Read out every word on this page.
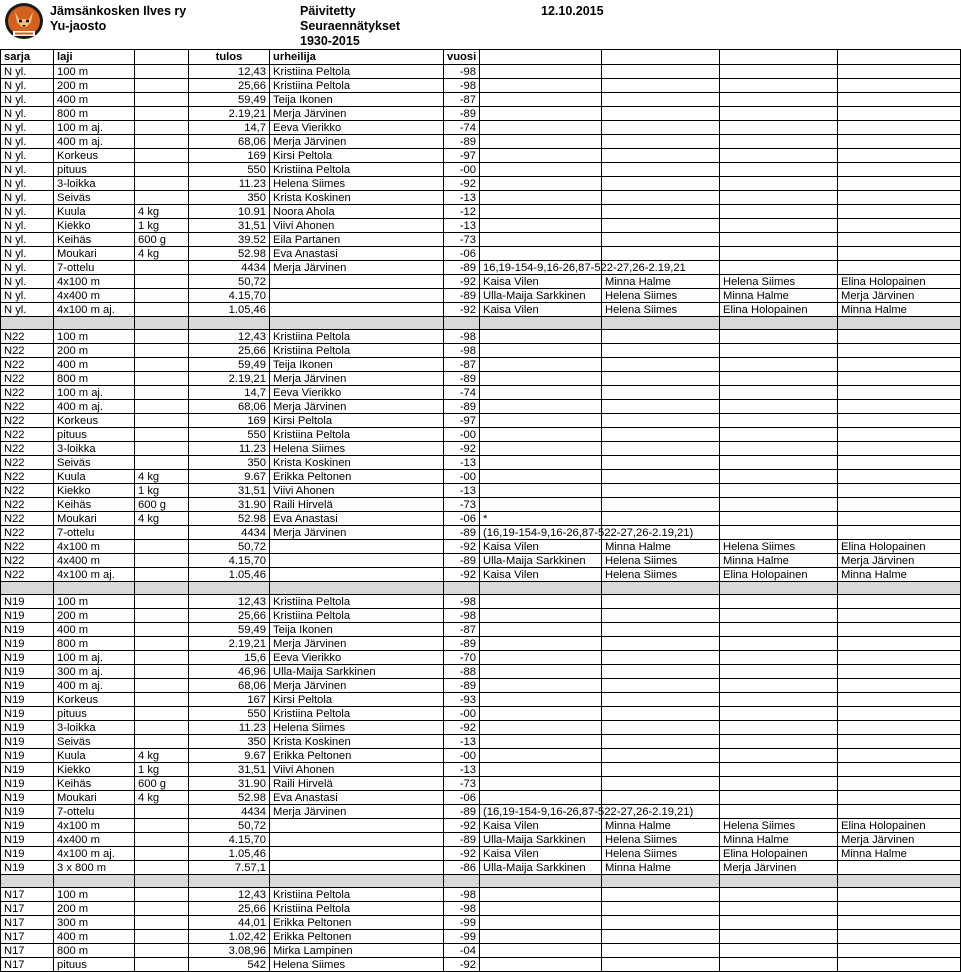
Jämsänkosken Ilves ry
Yu-jaosto
Päivitetty
Seuraennätykset
1930-2015
12.10.2015
sarja	laji		tulos	urheilija	vuosi				
N yl.	100 m		12,43	Kristiina Peltola	-98				
N yl.	200 m		25,66	Kristiina Peltola	-98				
N yl.	400 m		59,49	Teija Ikonen	-87				
N yl.	800 m		2.19,21	Merja Järvinen	-89				
N yl.	100 m aj.		14,7	Eeva Vierikko	-74				
N yl.	400 m aj.		68,06	Merja Järvinen	-89				
N yl.	Korkeus		169	Kirsi Peltola	-97				
N yl.	pituus		550	Kristiina Peltola	-00				
N yl.	3-loikka		11.23	Helena Siimes	-92				
N yl.	Seiväs		350	Krista Koskinen	-13				
N yl.	Kuula	4 kg	10.91	Noora Ahola	-12				
N yl.	Kiekko	1 kg	31,51	Viivi Ahonen	-13				
N yl.	Keihäs	600 g	39.52	Eila Partanen	-73				
N yl.	Moukari	4 kg	52.98	Eva Anastasi	-06				
N yl.	7-ottelu		4434	Merja Järvinen	-89	16,19-154-9,16-26,87-522-27,26-2.19,21			
N yl.	4x100 m		50,72		-92	Kaisa Vilen	Minna Halme	Helena Siimes	Elina Holopainen
N yl.	4x400 m		4.15,70		-89	Ulla-Maija Sarkkinen	Helena Siimes	Minna Halme	Merja Järvinen
N yl.	4x100 m aj.		1.05,46		-92	Kaisa Vilen	Helena Siimes	Elina Holopainen	Minna Halme

N22	100 m		12,43	Kristiina Peltola	-98				
N22	200 m		25,66	Kristiina Peltola	-98				
N22	400 m		59,49	Teija Ikonen	-87				
N22	800 m		2.19,21	Merja Järvinen	-89				
N22	100 m aj.		14,7	Eeva Vierikko	-74				
N22	400 m aj.		68,06	Merja Järvinen	-89				
N22	Korkeus		169	Kirsi Peltola	-97				
N22	pituus		550	Kristiina Peltola	-00				
N22	3-loikka		11.23	Helena Siimes	-92				
N22	Seiväs		350	Krista Koskinen	-13				
N22	Kuula	4 kg	9.67	Erikka Peltonen	-00				
N22	Kiekko	1 kg	31,51	Viivi Ahonen	-13				
N22	Keihäs	600 g	31.90	Raili Hirvelä	-73				
N22	Moukari	4 kg	52.98	Eva Anastasi	-06	*			
N22	7-ottelu		4434	Merja Järvinen	-89	(16,19-154-9,16-26,87-522-27,26-2.19,21)			
N22	4x100 m		50,72		-92	Kaisa Vilen	Minna Halme	Helena Siimes	Elina Holopainen
N22	4x400 m		4.15,70		-89	Ulla-Maija Sarkkinen	Helena Siimes	Minna Halme	Merja Järvinen
N22	4x100 m aj.		1.05,46		-92	Kaisa Vilen	Helena Siimes	Elina Holopainen	Minna Halme

N19	100 m		12,43	Kristiina Peltola	-98				
N19	200 m		25,66	Kristiina Peltola	-98				
N19	400 m		59,49	Teija Ikonen	-87				
N19	800 m		2.19,21	Merja Järvinen	-89				
N19	100 m aj.		15,6	Eeva Vierikko	-70				
N19	300 m aj.		46,96	Ulla-Maija Sarkkinen	-88				
N19	400 m aj.		68,06	Merja Järvinen	-89				
N19	Korkeus		167	Kirsi Peltola	-93				
N19	pituus		550	Kristiina Peltola	-00				
N19	3-loikka		11.23	Helena Siimes	-92				
N19	Seiväs		350	Krista Koskinen	-13				
N19	Kuula	4 kg	9.67	Erikka Peltonen	-00				
N19	Kiekko	1 kg	31,51	Viivi Ahonen	-13				
N19	Keihäs	600 g	31.90	Raili Hirvelä	-73				
N19	Moukari	4 kg	52.98	Eva Anastasi	-06				
N19	7-ottelu		4434	Merja Järvinen	-89	(16,19-154-9,16-26,87-522-27,26-2.19,21)			
N19	4x100 m		50,72		-92	Kaisa Vilen	Minna Halme	Helena Siimes	Elina Holopainen
N19	4x400 m		4.15,70		-89	Ulla-Maija Sarkkinen	Helena Siimes	Minna Halme	Merja Järvinen
N19	4x100 m aj.		1.05,46		-92	Kaisa Vilen	Helena Siimes	Elina Holopainen	Minna Halme
N19	3 x 800 m		7.57,1		-86	Ulla-Maija Sarkkinen	Minna Halme	Merja Järvinen	

N17	100 m		12,43	Kristiina Peltola	-98				
N17	200 m		25,66	Kristiina Peltola	-98				
N17	300 m		44,01	Erikka Peltonen	-99				
N17	400 m		1.02,42	Erikka Peltonen	-99				
N17	800 m		3.08,96	Mirka Lampinen	-04				
N17	pituus		542	Helena Siimes	-92				
